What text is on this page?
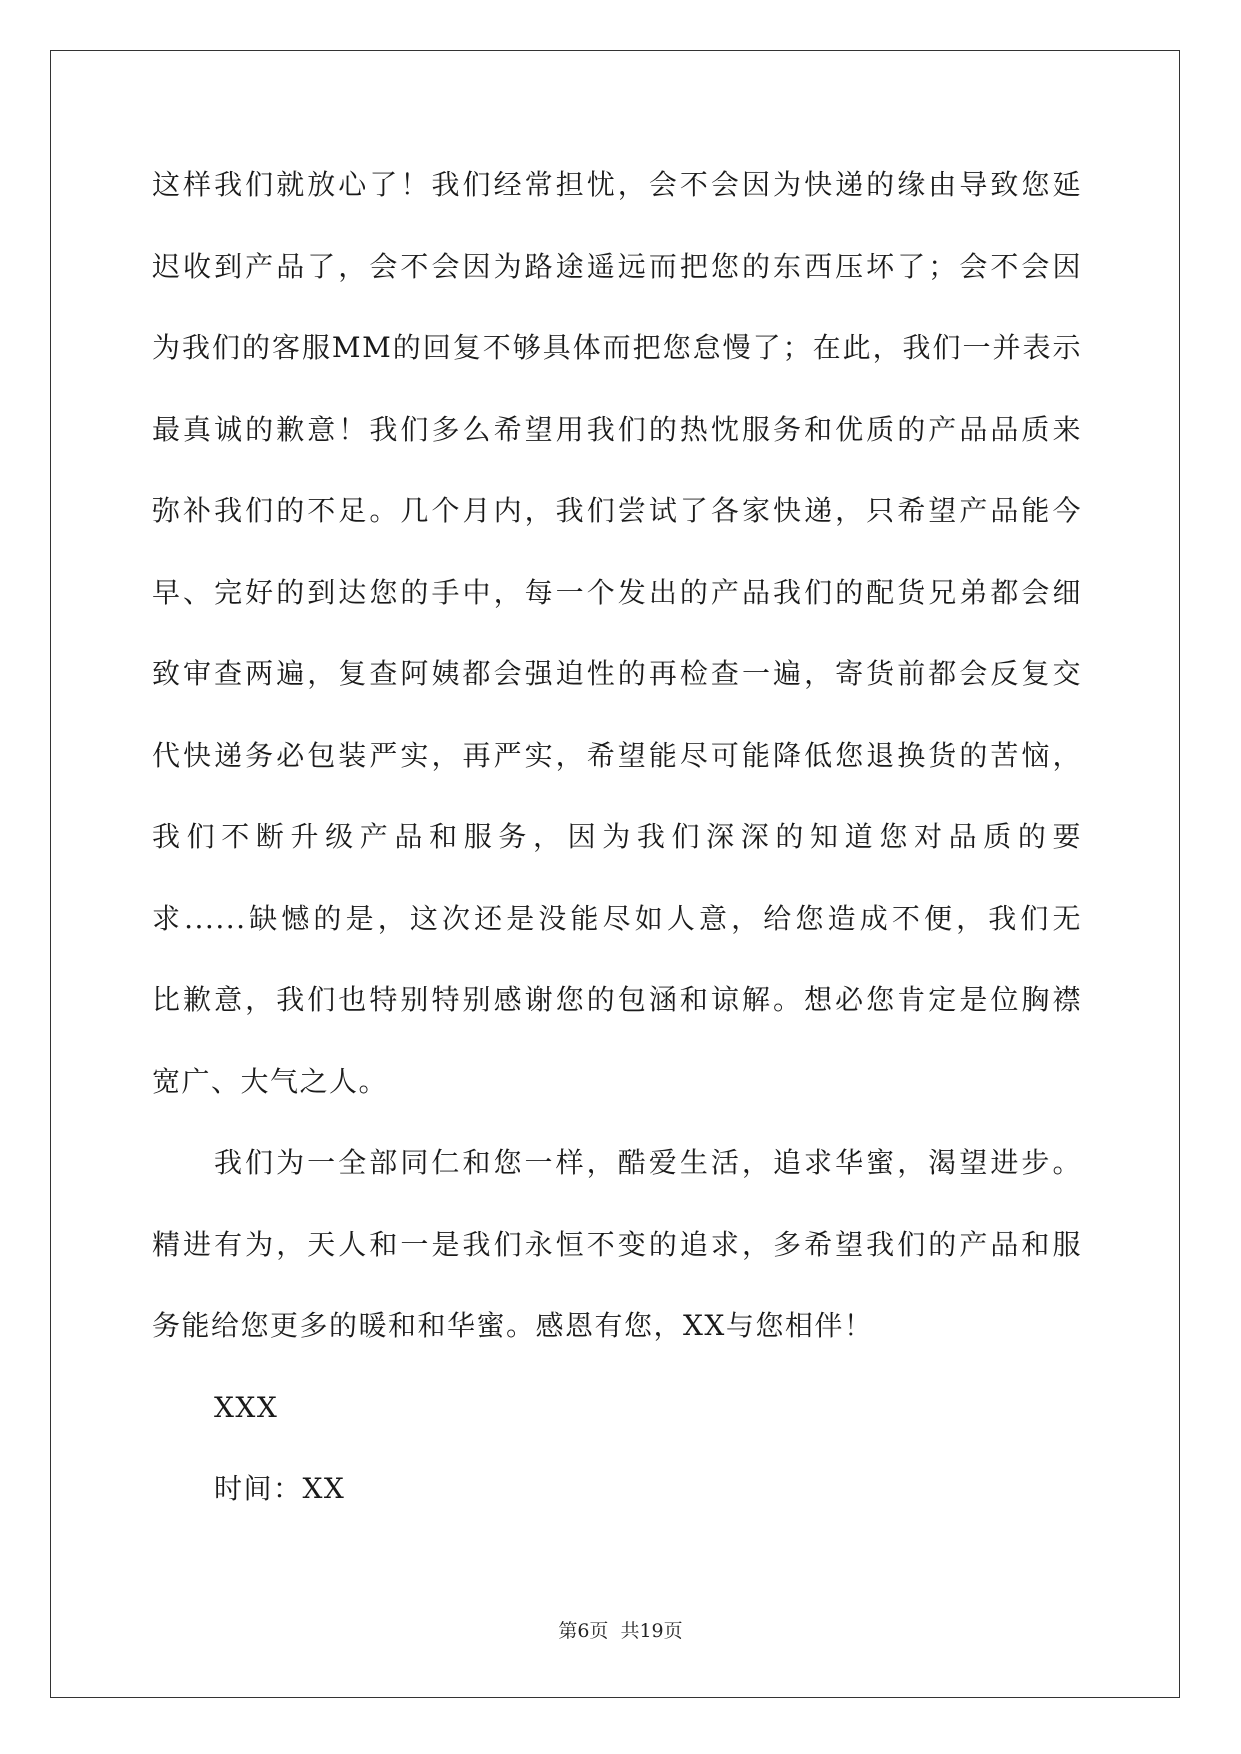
这样我们就放心了！我们经常担忧，会不会因为快递的缘由导致您延
迟收到产品了，会不会因为路途遥远而把您的东西压坏了；会不会因
为我们的客服MM的回复不够具体而把您怠慢了；在此，我们一并表示
最真诚的歉意！我们多么希望用我们的热忱服务和优质的产品品质来
弥补我们的不足。几个月内，我们尝试了各家快递，只希望产品能今
早、完好的到达您的手中，每一个发出的产品我们的配货兄弟都会细
致审查两遍，复查阿姨都会强迫性的再检查一遍，寄货前都会反复交
代快递务必包装严实，再严实，希望能尽可能降低您退换货的苦恼，
我们不断升级产品和服务，因为我们深深的知道您对品质的要
求......缺憾的是，这次还是没能尽如人意，给您造成不便，我们无
比歉意，我们也特别特别感谢您的包涵和谅解。想必您肯定是位胸襟
宽广、大气之人。
我们为一全部同仁和您一样，酷爱生活，追求华蜜，渴望进步。
精进有为，天人和一是我们永恒不变的追求，多希望我们的产品和服
务能给您更多的暖和和华蜜。感恩有您，XX与您相伴！
XXX
时间：XX
第6页 共19页
